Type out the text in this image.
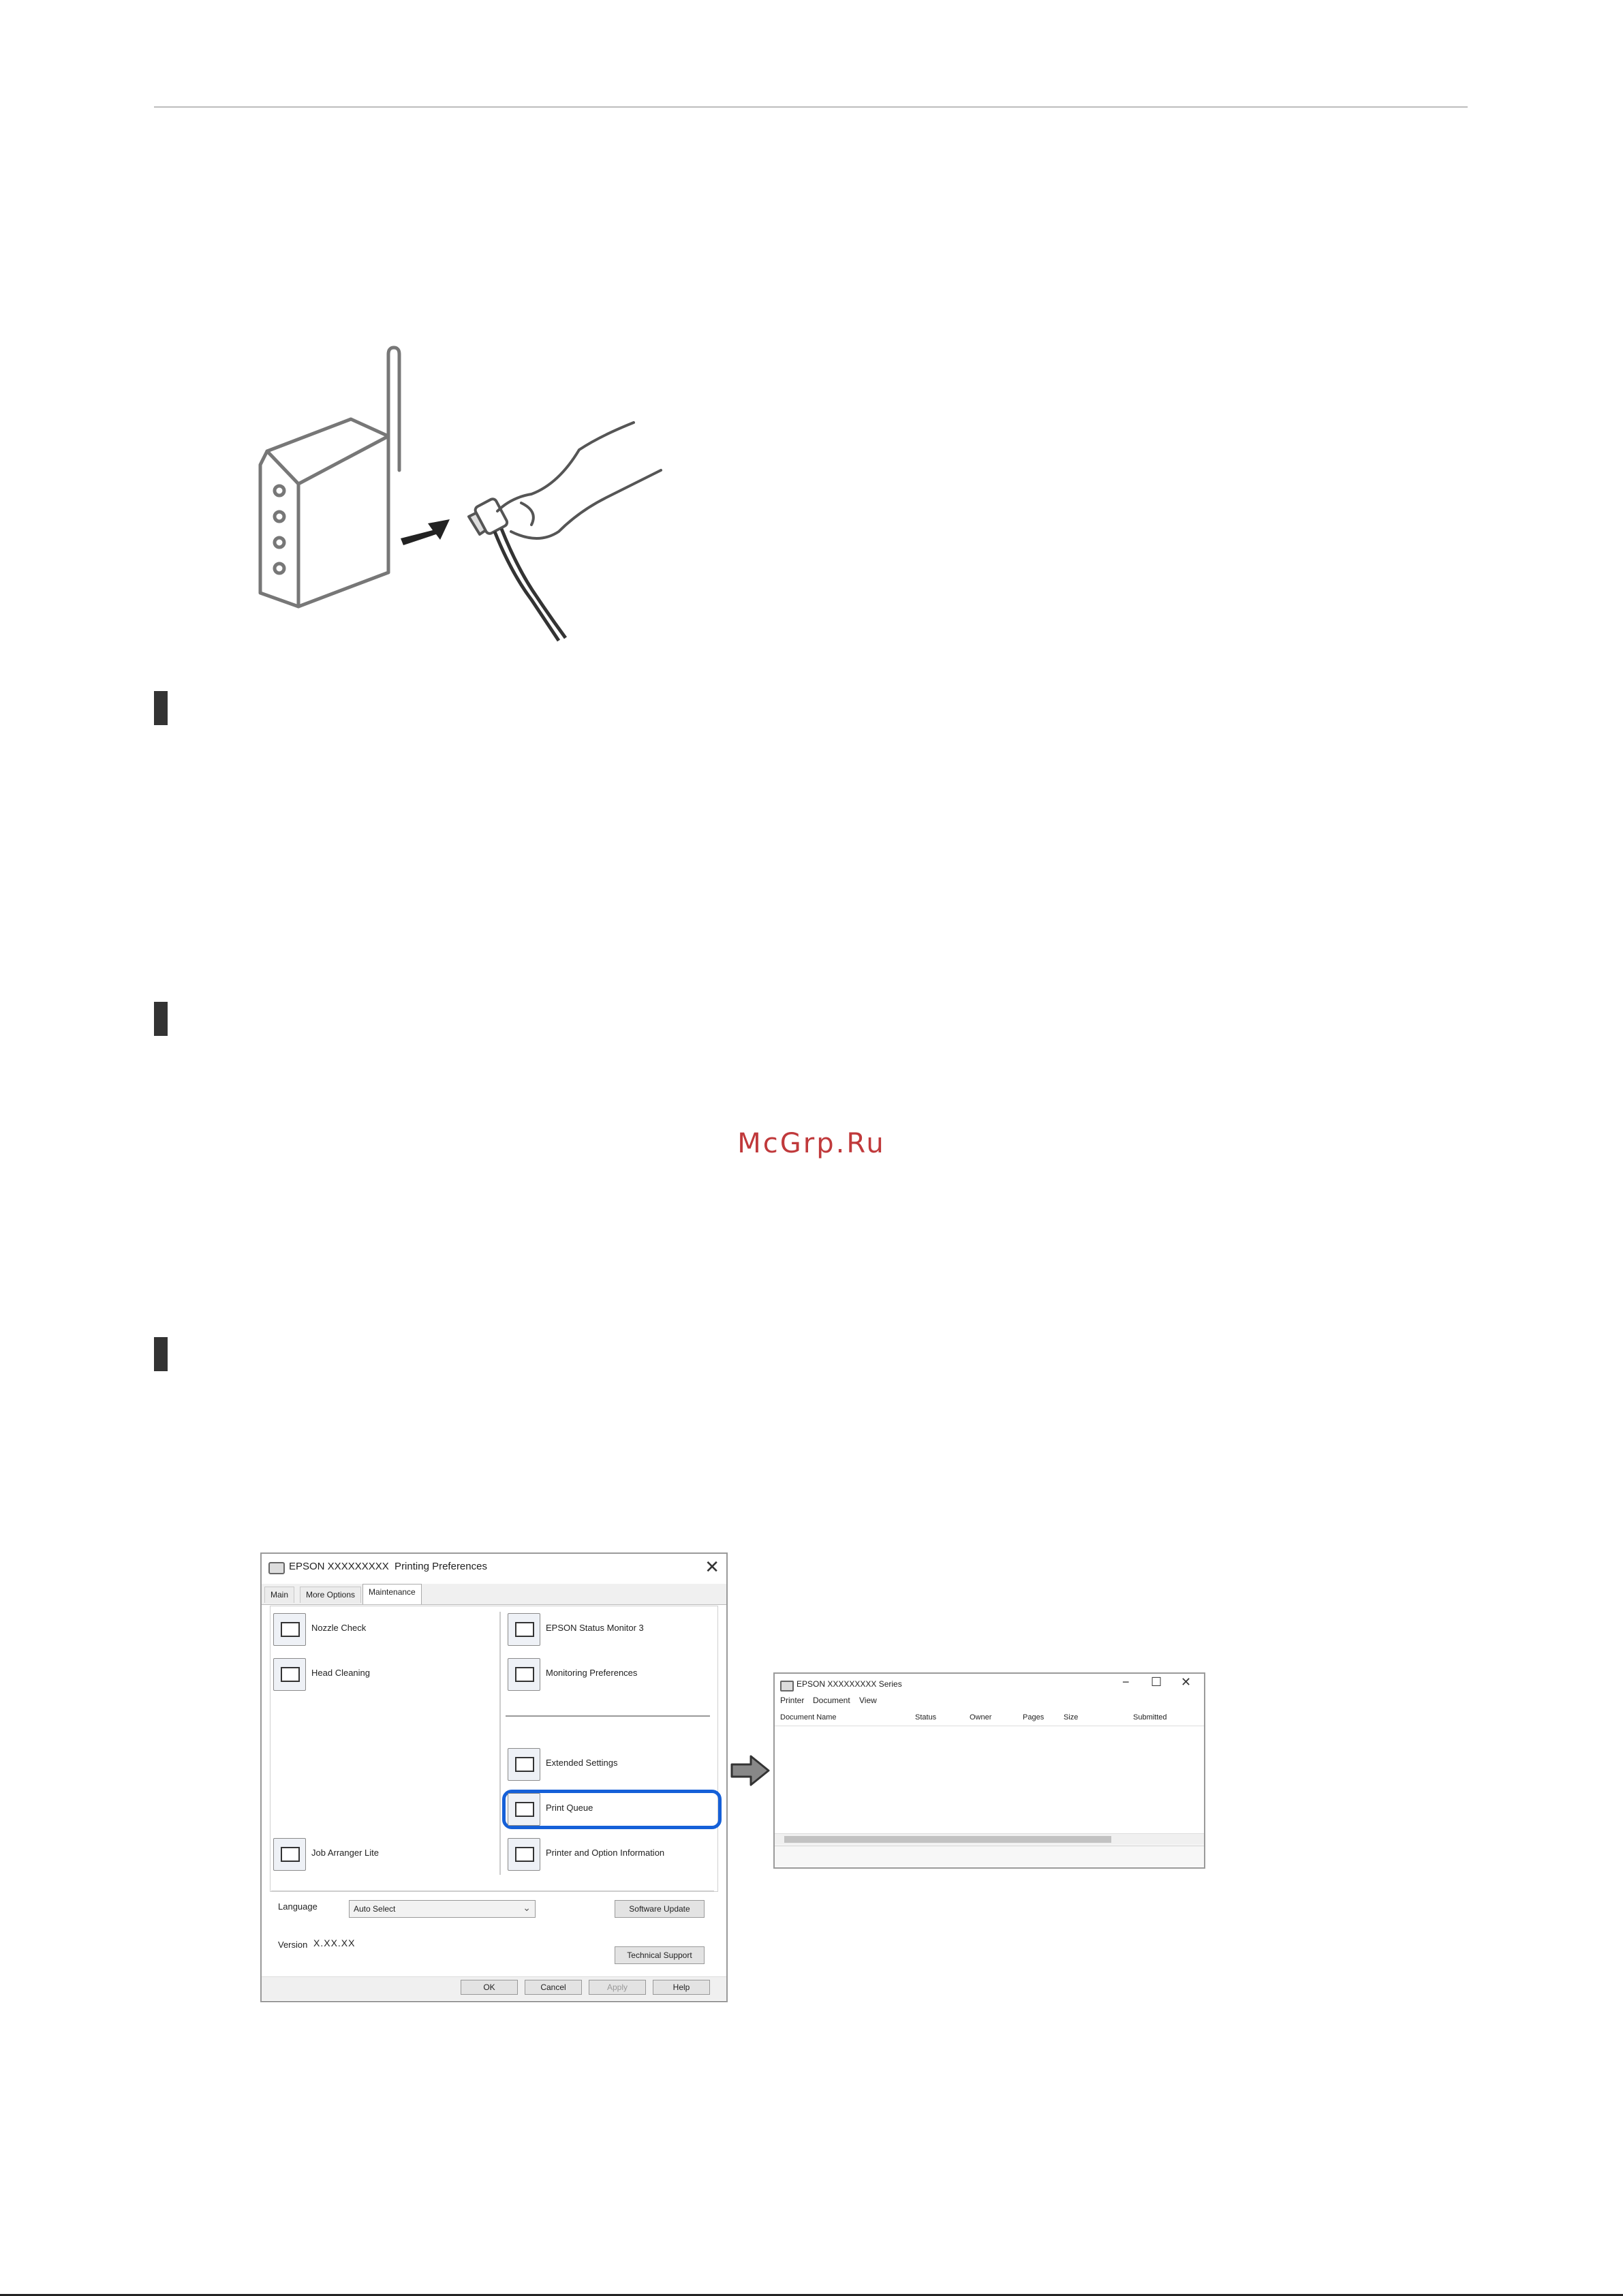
McGrp.Ru
EPSON XXXXXXXXX  Printing Preferences	✕
Main	More Options	Maintenance
Nozzle Check
Head Cleaning
Job Arranger Lite
EPSON Status Monitor 3
Monitoring Preferences
Extended Settings
Print Queue
Printer and Option Information
Language	Auto Select	⌄	Software Update
Version X.XX.XX
Technical Support
OK	Cancel	Apply	Help
EPSON XXXXXXXXX Series	− ☐ ✕
Printer Document View
Document Name	Status	Owner	Pages	Size	Submitted
